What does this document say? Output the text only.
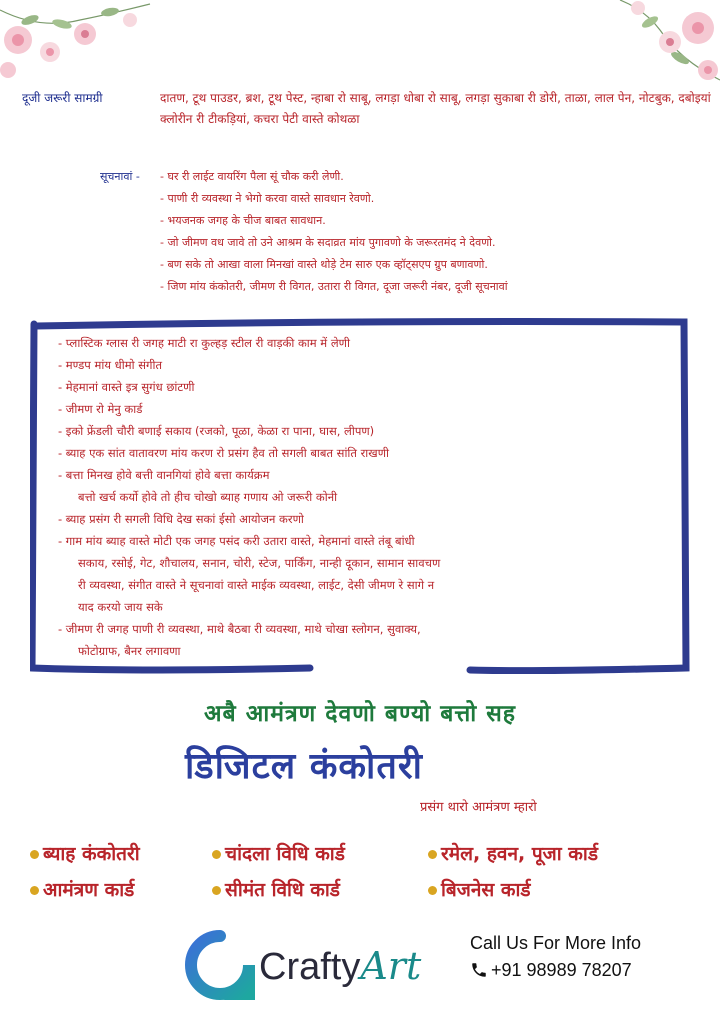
दूजी जरूरी सामग्री	दातण, टूथ पाउडर, ब्रश, टूथ पेस्ट, न्हाबा रो साबू, लगड़ा धोबा रो साबू, लगड़ा सुकाबा री डोरी, ताळा, लाल पेन, नोटबुक, दबोइयां क्लोरीन री टीकड़ियां, कचरा पेटी वास्ते कोथळा
सूचनावां -	- घर री लाईट वायरिंग पैला सूं चौक करी लेणी.
- पाणी री व्यवस्था ने भेगो करवा वास्ते सावधान रेवणो.
- भयजनक जगह के चीज बाबत सावधान.
- जो जीमण वध जावे तो उने आश्रम के सदाव्रत मांय पुगावणो के जरूरतमंद ने देवणो.
- बण सके तो आखा वाला मिनखां वास्ते थोड़े टेम सारु एक व्हॉट्सएप ग्रुप बणावणो.
- जिण मांय कंकोतरी, जीमण री विगत, उतारा री विगत, दूजा जरूरी नंबर, दूजी सूचनावां
- प्लास्टिक ग्लास री जगह माटी रा कुल्हड़ स्टील री वाड़की काम में लेणी
- मण्डप मांय धीमो संगीत
- मेहमानां वास्ते इत्र सुगंध छांटणी
- जीमण रो मेनु कार्ड
- इको फ्रेंडली चौरी बणाई सकाय (रजको, पूळा, केळा रा पाना, घास, लीपण)
- ब्याह एक सांत वातावरण मांय करण रो प्रसंग हैव तो सगली बाबत सांति राखणी
- बत्ता मिनख होवे बत्ती वानगियां होवे बत्ता कार्यक्रम
बत्तो खर्च कर्यो होवे तो हीच चोखो ब्याह गणाय ओ जरूरी कोनी
- ब्याह प्रसंग री सगली विधि देख सकां ईसो आयोजन करणो
- गाम मांय ब्याह वास्ते मोटी एक जगह पसंद करी उतारा वास्ते, मेहमानां वास्ते तंबू बांधी
सकाय, रसोई, गेट, शौचालय, सनान, चोरी, स्टेज, पार्किंग, नान्ही दूकान, सामान सावचण
री व्यवस्था, संगीत वास्ते ने सूचनावां वास्ते माईक व्यवस्था, लाईट, देसी जीमण रे सागे न
याद करयो जाय सके
- जीमण री जगह पाणी री व्यवस्था, माथे बैठबा री व्यवस्था, माथे चोखा स्लोगन, सुवाक्य,
फोटोग्राफ, बैनर लगावणा
अबै आमंत्रण देवणो बण्यो बत्तो सह
डिजिटल कंकोतरी
प्रसंग थारो आमंत्रण म्हारो
ब्याह कंकोतरी	चांदला विधि कार्ड	रमेल, हवन, पूजा कार्ड
आमंत्रण कार्ड	सीमंत विधि कार्ड	बिजनेस कार्ड
CraftyArt
Call Us For More Info
+91 98989 78207
